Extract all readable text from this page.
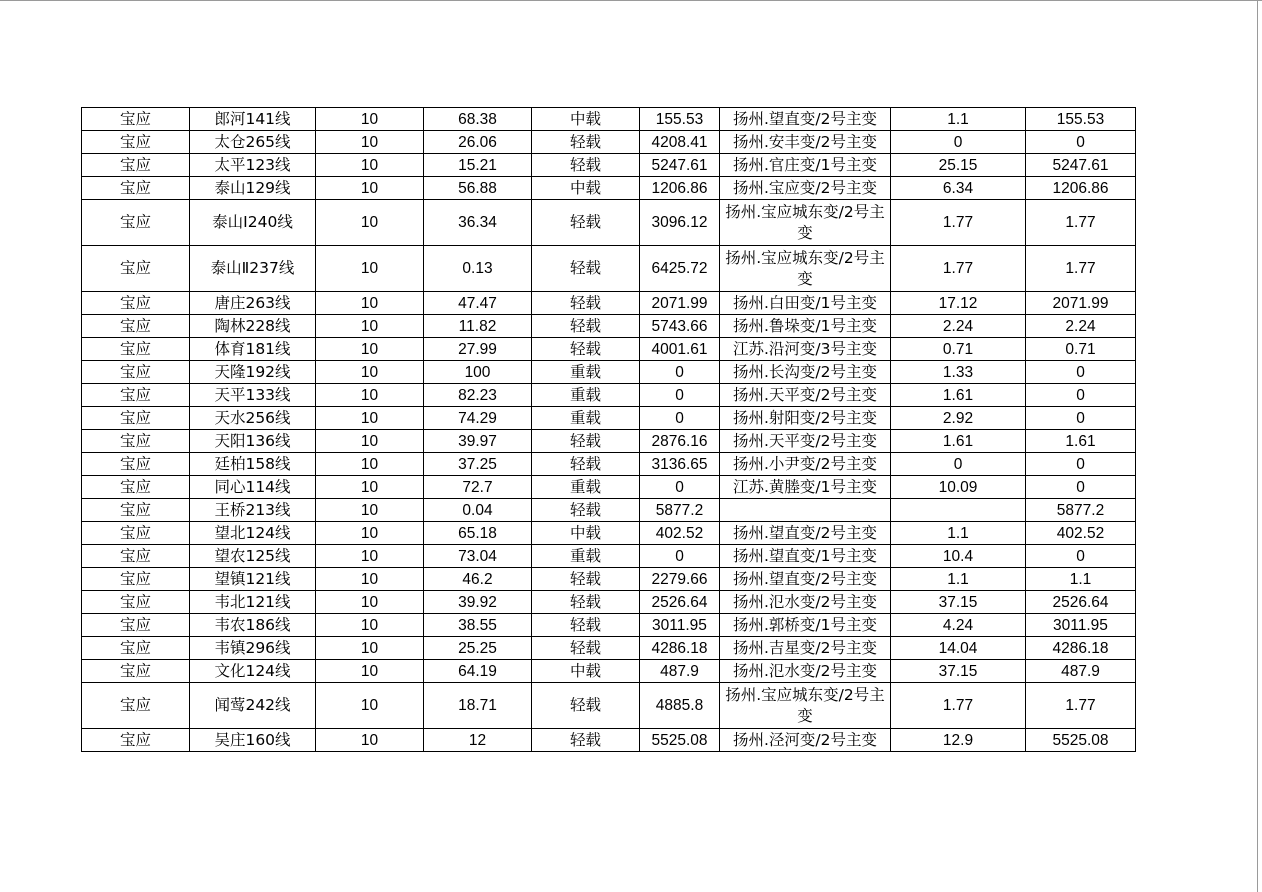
宝应	郎河141线	10	68.38	中载	155.53	扬州.望直变/2号主变	1.1	155.53
宝应	太仓265线	10	26.06	轻载	4208.41	扬州.安丰变/2号主变	0	0
宝应	太平123线	10	15.21	轻载	5247.61	扬州.官庄变/1号主变	25.15	5247.61
宝应	泰山129线	10	56.88	中载	1206.86	扬州.宝应变/2号主变	6.34	1206.86
宝应	泰山Ⅰ240线	10	36.34	轻载	3096.12	扬州.宝应城东变/2号主变	1.77	1.77
宝应	泰山Ⅱ237线	10	0.13	轻载	6425.72	扬州.宝应城东变/2号主变	1.77	1.77
宝应	唐庄263线	10	47.47	轻载	2071.99	扬州.白田变/1号主变	17.12	2071.99
宝应	陶林228线	10	11.82	轻载	5743.66	扬州.鲁垛变/1号主变	2.24	2.24
宝应	体育181线	10	27.99	轻载	4001.61	江苏.沿河变/3号主变	0.71	0.71
宝应	天隆192线	10	100	重载	0	扬州.长沟变/2号主变	1.33	0
宝应	天平133线	10	82.23	重载	0	扬州.天平变/2号主变	1.61	0
宝应	天水256线	10	74.29	重载	0	扬州.射阳变/2号主变	2.92	0
宝应	天阳136线	10	39.97	轻载	2876.16	扬州.天平变/2号主变	1.61	1.61
宝应	廷柏158线	10	37.25	轻载	3136.65	扬州.小尹变/2号主变	0	0
宝应	同心114线	10	72.7	重载	0	江苏.黄塍变/1号主变	10.09	0
宝应	王桥213线	10	0.04	轻载	5877.2			5877.2
宝应	望北124线	10	65.18	中载	402.52	扬州.望直变/2号主变	1.1	402.52
宝应	望农125线	10	73.04	重载	0	扬州.望直变/1号主变	10.4	0
宝应	望镇121线	10	46.2	轻载	2279.66	扬州.望直变/2号主变	1.1	1.1
宝应	韦北121线	10	39.92	轻载	2526.64	扬州.氾水变/2号主变	37.15	2526.64
宝应	韦农186线	10	38.55	轻载	3011.95	扬州.郭桥变/1号主变	4.24	3011.95
宝应	韦镇296线	10	25.25	轻载	4286.18	扬州.吉星变/2号主变	14.04	4286.18
宝应	文化124线	10	64.19	中载	487.9	扬州.氾水变/2号主变	37.15	487.9
宝应	闻莺242线	10	18.71	轻载	4885.8	扬州.宝应城东变/2号主变	1.77	1.77
宝应	吴庄160线	10	12	轻载	5525.08	扬州.泾河变/2号主变	12.9	5525.08
